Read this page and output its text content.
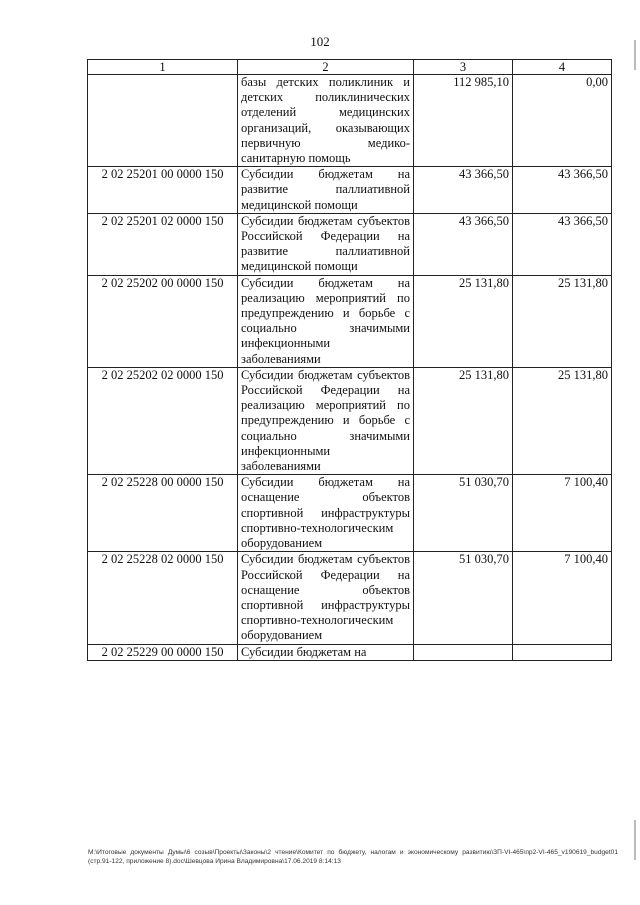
102
1	2	3	4
	базы детских поликлиник и детских поликлинических отделений медицинских организаций, оказывающих первичную медико-санитарную помощь	112 985,10	0,00
2 02 25201 00 0000 150	Субсидии бюджетам на развитие паллиативной медицинской помощи	43 366,50	43 366,50
2 02 25201 02 0000 150	Субсидии бюджетам субъектов Российской Федерации на развитие паллиативной медицинской помощи	43 366,50	43 366,50
2 02 25202 00 0000 150	Субсидии бюджетам на реализацию мероприятий по предупреждению и борьбе с социально значимыми инфекционными заболеваниями	25 131,80	25 131,80
2 02 25202 02 0000 150	Субсидии бюджетам субъектов Российской Федерации на реализацию мероприятий по предупреждению и борьбе с социально значимыми инфекционными заболеваниями	25 131,80	25 131,80
2 02 25228 00 0000 150	Субсидии бюджетам на оснащение объектов спортивной инфраструктуры спортивно-технологическим оборудованием	51 030,70	7 100,40
2 02 25228 02 0000 150	Субсидии бюджетам субъектов Российской Федерации на оснащение объектов спортивной инфраструктуры спортивно-технологическим оборудованием	51 030,70	7 100,40
2 02 25229 00 0000 150	Субсидии бюджетам на		
М:\Итоговые документы Думы\6 созыв\Проекты\Законы\2 чтение\Комитет по бюджету, налогам и экономическому развитию\ЗП-VI-465\пр2-VI-465_v190619_budget01 (стр.91-122, приложение 8).doc\Шевцова Ирина Владимировна\17.06.2019 8:14:13
